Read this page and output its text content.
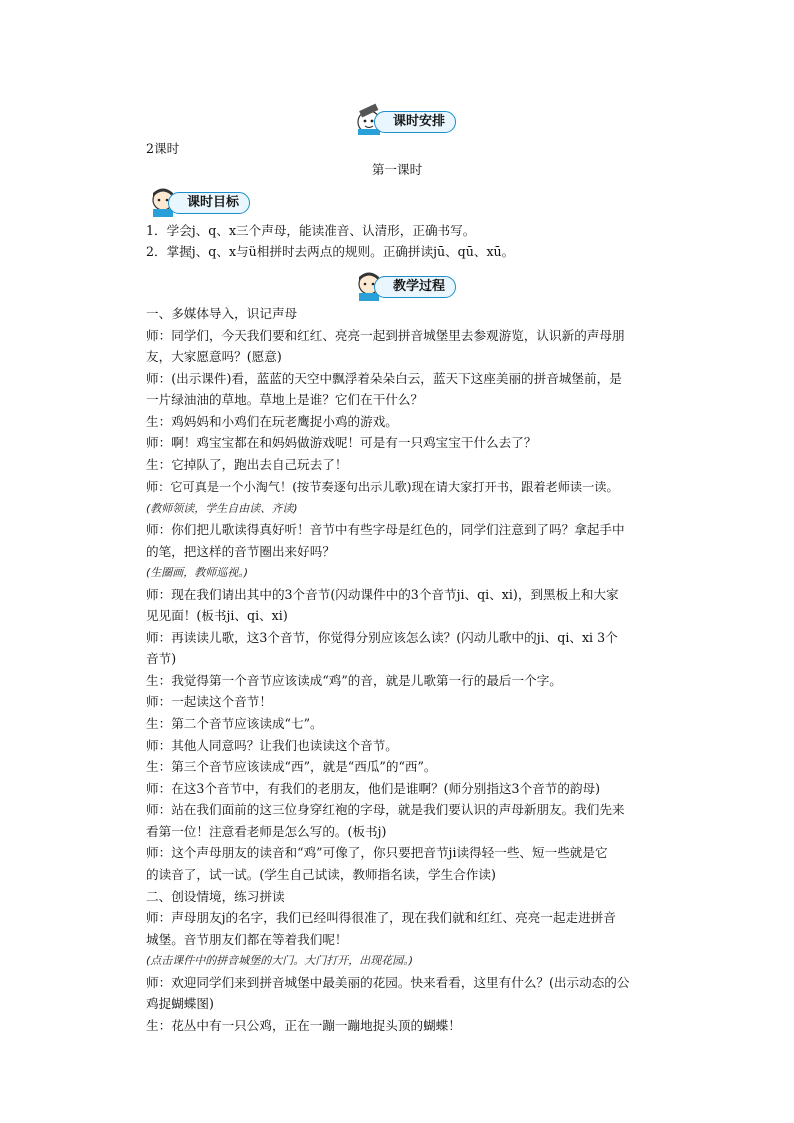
课时安排
2课时
第一课时
课时目标
1．学会j、q、x三个声母，能读准音、认清形，正确书写。
2．掌握j、q、x与ü相拼时去两点的规则。正确拼读jū、qū、xū。
教学过程
一、多媒体导入，识记声母
师：同学们，今天我们要和红红、亮亮一起到拼音城堡里去参观游览，认识新的声母朋
友，大家愿意吗？(愿意)
师：(出示课件)看，蓝蓝的天空中飘浮着朵朵白云，蓝天下这座美丽的拼音城堡前，是
一片绿油油的草地。草地上是谁？它们在干什么？
生：鸡妈妈和小鸡们在玩老鹰捉小鸡的游戏。
师：啊！鸡宝宝都在和妈妈做游戏呢！可是有一只鸡宝宝干什么去了？
生：它掉队了，跑出去自己玩去了！
师：它可真是一个小淘气！(按节奏逐句出示儿歌)现在请大家打开书，跟着老师读一读。
(教师领读，学生自由读、齐读)
师：你们把儿歌读得真好听！音节中有些字母是红色的，同学们注意到了吗？拿起手中
的笔，把这样的音节圈出来好吗？
(生圈画，教师巡视。)
师：现在我们请出其中的3个音节(闪动课件中的3个音节ji、qi、xi)，到黑板上和大家
见见面！(板书ji、qi、xi)
师：再读读儿歌，这3个音节，你觉得分别应该怎么读？(闪动儿歌中的ji、qi、xi 3个
音节)
生：我觉得第一个音节应该读成“鸡”的音，就是儿歌第一行的最后一个字。
师：一起读这个音节！
生：第二个音节应该读成“七”。
师：其他人同意吗？让我们也读读这个音节。
生：第三个音节应该读成“西”，就是“西瓜”的“西”。
师：在这3个音节中，有我们的老朋友，他们是谁啊？(师分别指这3个音节的韵母)
师：站在我们面前的这三位身穿红袍的字母，就是我们要认识的声母新朋友。我们先来
看第一位！注意看老师是怎么写的。(板书j)
师：这个声母朋友的读音和“鸡”可像了，你只要把音节ji读得轻一些、短一些就是它
的读音了，试一试。(学生自己试读，教师指名读，学生合作读)
二、创设情境，练习拼读
师：声母朋友j的名字，我们已经叫得很准了，现在我们就和红红、亮亮一起走进拼音
城堡。音节朋友们都在等着我们呢！
(点击课件中的拼音城堡的大门。大门打开，出现花园。)
师：欢迎同学们来到拼音城堡中最美丽的花园。快来看看，这里有什么？(出示动态的公
鸡捉蝴蝶图)
生：花丛中有一只公鸡，正在一蹦一蹦地捉头顶的蝴蝶！
